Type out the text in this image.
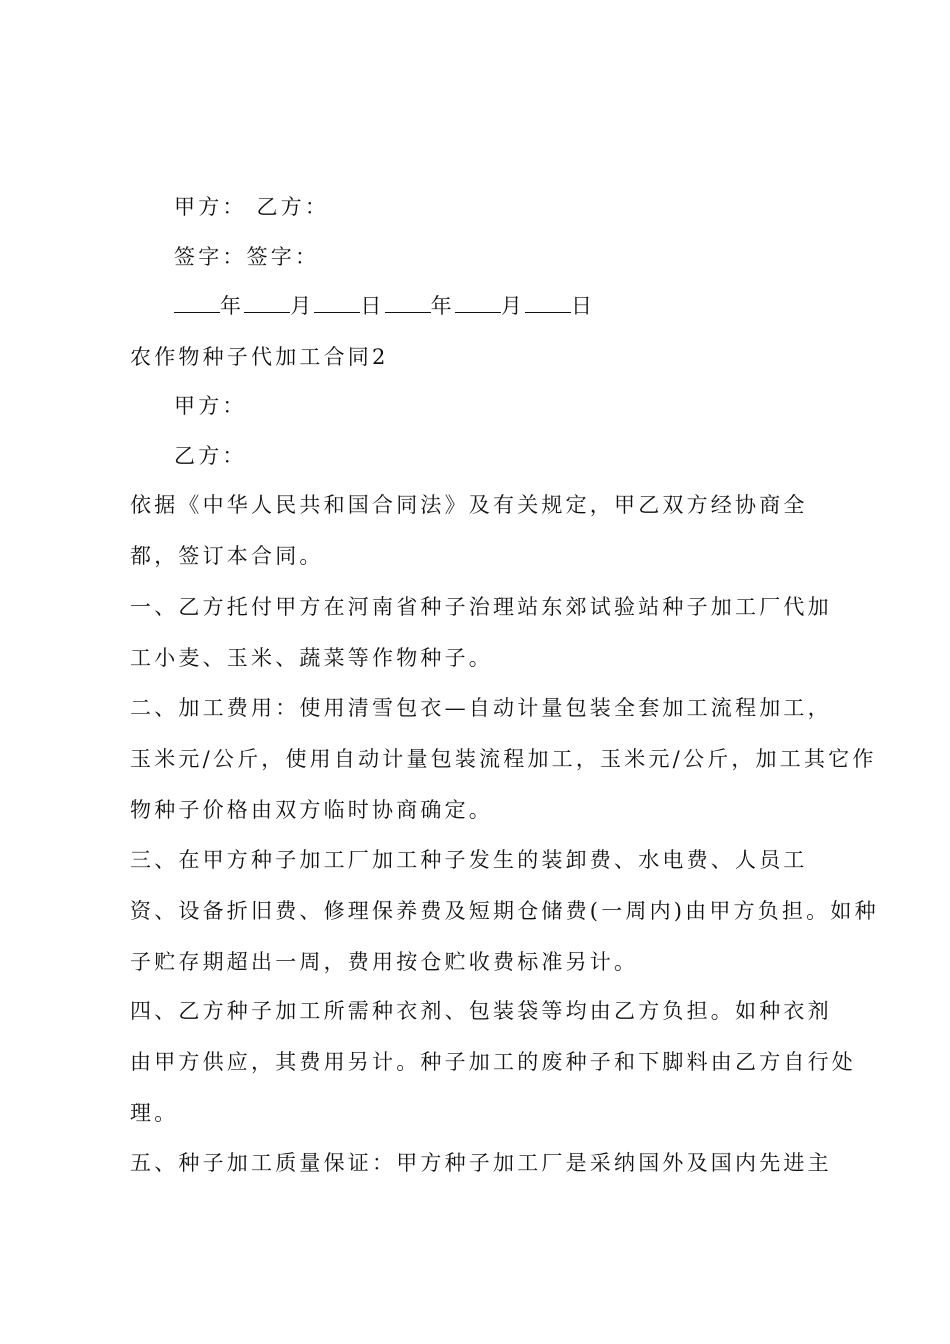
甲方： 乙方：
签字：签字：
年 月 日 年 月 日
农作物种子代加工合同2
甲方：
乙方：
依据《中华人民共和国合同法》及有关规定，甲乙双方经协商全
都，签订本合同。
一、乙方托付甲方在河南省种子治理站东郊试验站种子加工厂代加
工小麦、玉米、蔬菜等作物种子。
二、加工费用：使用清雪包衣—自动计量包装全套加工流程加工，
玉米元/公斤，使用自动计量包装流程加工，玉米元/公斤，加工其它作
物种子价格由双方临时协商确定。
三、在甲方种子加工厂加工种子发生的装卸费、水电费、人员工
资、设备折旧费、修理保养费及短期仓储费(一周内)由甲方负担。如种
子贮存期超出一周，费用按仓贮收费标准另计。
四、乙方种子加工所需种衣剂、包装袋等均由乙方负担。如种衣剂
由甲方供应，其费用另计。种子加工的废种子和下脚料由乙方自行处
理。
五、种子加工质量保证：甲方种子加工厂是采纳国外及国内先进主
